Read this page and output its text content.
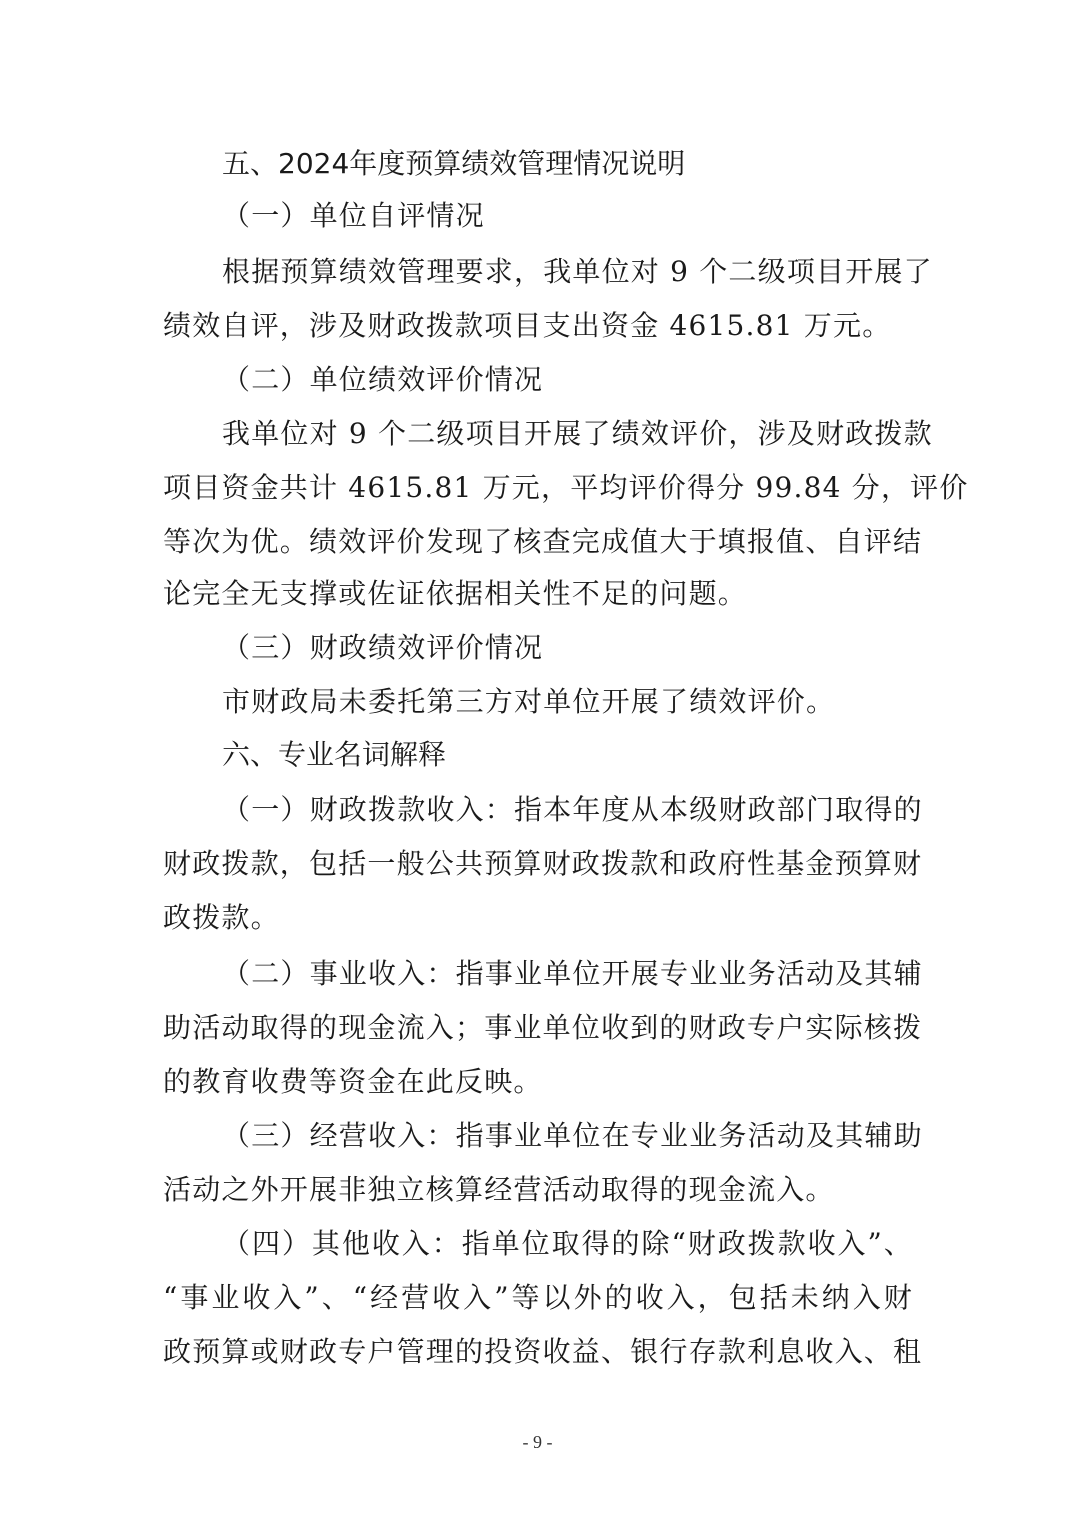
五、2024年度预算绩效管理情况说明
（一）单位自评情况
根据预算绩效管理要求，我单位对 9 个二级项目开展了
绩效自评，涉及财政拨款项目支出资金 4615.81 万元。
（二）单位绩效评价情况
我单位对 9 个二级项目开展了绩效评价，涉及财政拨款
项目资金共计 4615.81 万元，平均评价得分 99.84 分，评价
等次为优。绩效评价发现了核查完成值大于填报值、自评结
论完全无支撑或佐证依据相关性不足的问题。
（三）财政绩效评价情况
市财政局未委托第三方对单位开展了绩效评价。
六、专业名词解释
（一）财政拨款收入：指本年度从本级财政部门取得的
财政拨款，包括一般公共预算财政拨款和政府性基金预算财
政拨款。
（二）事业收入：指事业单位开展专业业务活动及其辅
助活动取得的现金流入；事业单位收到的财政专户实际核拨
的教育收费等资金在此反映。
（三）经营收入：指事业单位在专业业务活动及其辅助
活动之外开展非独立核算经营活动取得的现金流入。
（四）其他收入：指单位取得的除“财政拨款收入”、
“事业收入”、“经营收入”等以外的收入，包括未纳入财
政预算或财政专户管理的投资收益、银行存款利息收入、租
- 9 -
